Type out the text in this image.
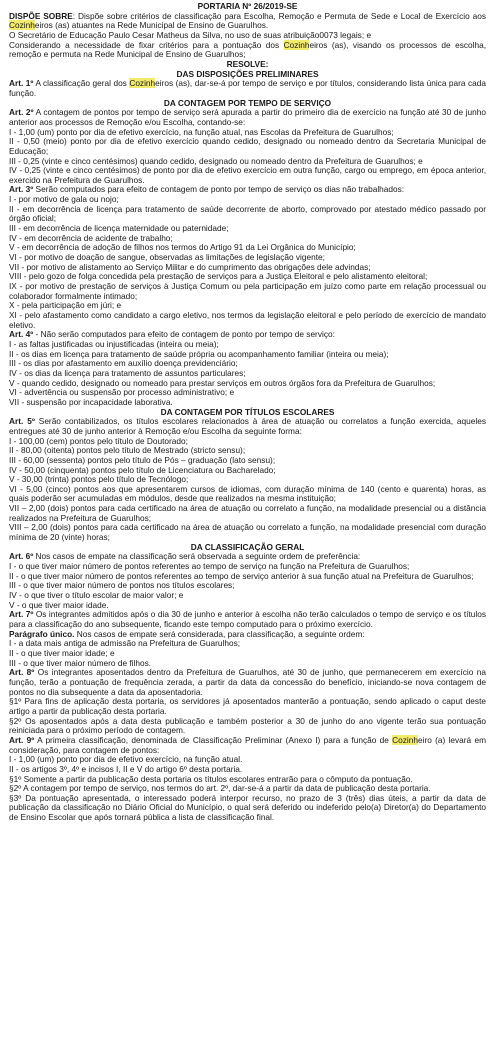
PORTARIA Nº 26/2019-SE

DISPÕE SOBRE: Dispõe sobre critérios de classificação para Escolha, Remoção e Permuta de Sede e Local de Exercício aos Cozinheiros (as) atuantes na Rede Municipal de Ensino de Guarulhos.

O Secretário de Educação Paulo Cesar Matheus da Silva, no uso de suas atribuição0073 legais; e

Considerando a necessidade de fixar critérios para a pontuação dos Cozinheiros (as), visando os processos de escolha, remoção e permuta na Rede Municipal de Ensino de Guarulhos;

RESOLVE:

DAS DISPOSIÇÕES PRELIMINARES

Art. 1º A classificação geral dos Cozinheiros (as), dar-se-á por tempo de serviço e por títulos, considerando lista única para cada função.

DA CONTAGEM POR TEMPO DE SERVIÇO

Art. 2º A contagem de pontos por tempo de serviço será apurada a partir do primeiro dia de exercício na função até 30 de junho anterior aos processos de Remoção e/ou Escolha, contando-se:

I - 1,00 (um) ponto por dia de efetivo exercício, na função atual, nas Escolas da Prefeitura de Guarulhos;

II - 0,50 (meio) ponto por dia de efetivo exercício quando cedido, designado ou nomeado dentro da Secretaria Municipal de Educação;

III - 0,25 (vinte e cinco centésimos) quando cedido, designado ou nomeado dentro da Prefeitura de Guarulhos; e

IV - 0,25 (vinte e cinco centésimos) de ponto por dia de efetivo exercício em outra função, cargo ou emprego, em época anterior, exercido na Prefeitura de Guarulhos.

Art. 3º Serão computados para efeito de contagem de ponto por tempo de serviço os dias não trabalhados:

I - por motivo de gala ou nojo;

II - em decorrência de licença para tratamento de saúde decorrente de aborto, comprovado por atestado médico passado por órgão oficial;

III - em decorrência de licença maternidade ou paternidade;

IV - em decorrência de acidente de trabalho;

V - em decorrência de adoção de filhos nos termos do Artigo 91 da Lei Orgânica do Município;

VI - por motivo de doação de sangue, observadas as limitações de legislação vigente;

VII - por motivo de alistamento ao Serviço Militar e do cumprimento das obrigações dele advindas;

VIII - pelo gozo de folga concedida pela prestação de serviços para a Justiça Eleitoral e pelo alistamento eleitoral;

IX - por motivo de prestação de serviços à Justiça Comum ou pela participação em juízo como parte em relação processual ou colaborador formalmente intimado;

X - pela participação em júri; e

XI - pelo afastamento como candidato a cargo eletivo, nos termos da legislação eleitoral e pelo período de exercício de mandato eletivo.

Art. 4º - Não serão computados para efeito de contagem de ponto por tempo de serviço:

I - as faltas justificadas ou injustificadas (inteira ou meia);

II - os dias em licença para tratamento de saúde própria ou acompanhamento familiar (inteira ou meia);

III - os dias por afastamento em auxílio doença previdenciário;

IV - os dias da licença para tratamento de assuntos particulares;

V - quando cedido, designado ou nomeado para prestar serviços em outros órgãos fora da Prefeitura de Guarulhos;

VI - advertência ou suspensão por processo administrativo; e

VII - suspensão por incapacidade laborativa.

DA CONTAGEM POR TÍTULOS ESCOLARES

Art. 5º Serão contabilizados, os títulos escolares relacionados à área de atuação ou correlatos a função exercida, aqueles entregues até 30 de junho anterior à Remoção e/ou Escolha da seguinte forma:

I - 100,00 (cem) pontos pelo título de Doutorado;

II - 80,00 (oitenta) pontos pelo título de Mestrado (stricto sensu);

III - 60,00 (sessenta) pontos pelo título de Pós – graduação (lato sensu);

IV - 50,00 (cinquenta) pontos pelo título de Licenciatura ou Bacharelado;

V - 30,00 (trinta) pontos pelo título de Tecnólogo;

VI - 5,00 (cinco) pontos aos que apresentarem cursos de idiomas, com duração mínima de 140 (cento e quarenta) horas, as quais poderão ser acumuladas em módulos, desde que realizados na mesma instituição;

VII – 2,00 (dois) pontos para cada certificado na área de atuação ou correlato a função, na modalidade presencial ou a distância realizados na Prefeitura de Guarulhos;

VIII – 2,00 (dois) pontos para cada certificado na área de atuação ou correlato a função, na modalidade presencial com duração mínima de 20 (vinte) horas;

DA CLASSIFICAÇÃO GERAL

Art. 6º Nos casos de empate na classificação será observada a seguinte ordem de preferência:

I - o que tiver maior número de pontos referentes ao tempo de serviço na função na Prefeitura de Guarulhos;

II - o que tiver maior número de pontos referentes ao tempo de serviço anterior à sua função atual na Prefeitura de Guarulhos;

III - o que tiver maior número de pontos nos títulos escolares;

IV - o que tiver o título escolar de maior valor; e

V - o que tiver maior idade.

Art. 7º Os integrantes admitidos após o dia 30 de junho e anterior à escolha não terão calculados o tempo de serviço e os títulos para a classificação do ano subsequente, ficando este tempo computado para o próximo exercício.

Parágrafo único. Nos casos de empate será considerada, para classificação, a seguinte ordem:

I - a data mais antiga de admissão na Prefeitura de Guarulhos;

II - o que tiver maior idade; e

III - o que tiver maior número de filhos.

Art. 8º Os integrantes aposentados dentro da Prefeitura de Guarulhos, até 30 de junho, que permanecerem em exercício na função, terão a pontuação de frequência zerada, a partir da data da concessão do benefício, iniciando-se nova contagem de pontos no dia subsequente a data da aposentadoria.

§1º Para fins de aplicação desta portaria, os servidores já aposentados manterão a pontuação, sendo aplicado o caput deste artigo a partir da publicação desta portaria.

§2º Os aposentados após a data desta publicação e também posterior a 30 de junho do ano vigente terão sua pontuação reiniciada para o próximo período de contagem.

Art. 9º A primeira classificação, denominada de Classificação Preliminar (Anexo I) para a função de Cozinheiro (a) levará em consideração, para contagem de pontos:

I - 1,00 (um) ponto por dia de efetivo exercício, na função atual.

II - os artigos 3º, 4º e incisos I, II e V do artigo 6º desta portaria.

§1º Somente a partir da publicação desta portaria os títulos escolares entrarão para o cômputo da pontuação.

§2º A contagem por tempo de serviço, nos termos do art. 2º, dar-se-á a partir da data de publicação desta portaria.

§3º Da pontuação apresentada, o interessado poderá interpor recurso, no prazo de 3 (três) dias úteis, a partir da data de publicação da classificação no Diário Oficial do Município, o qual será deferido ou indeferido pelo(a) Diretor(a) do Departamento de Ensino Escolar que após tornará pública a lista de classificação final.
